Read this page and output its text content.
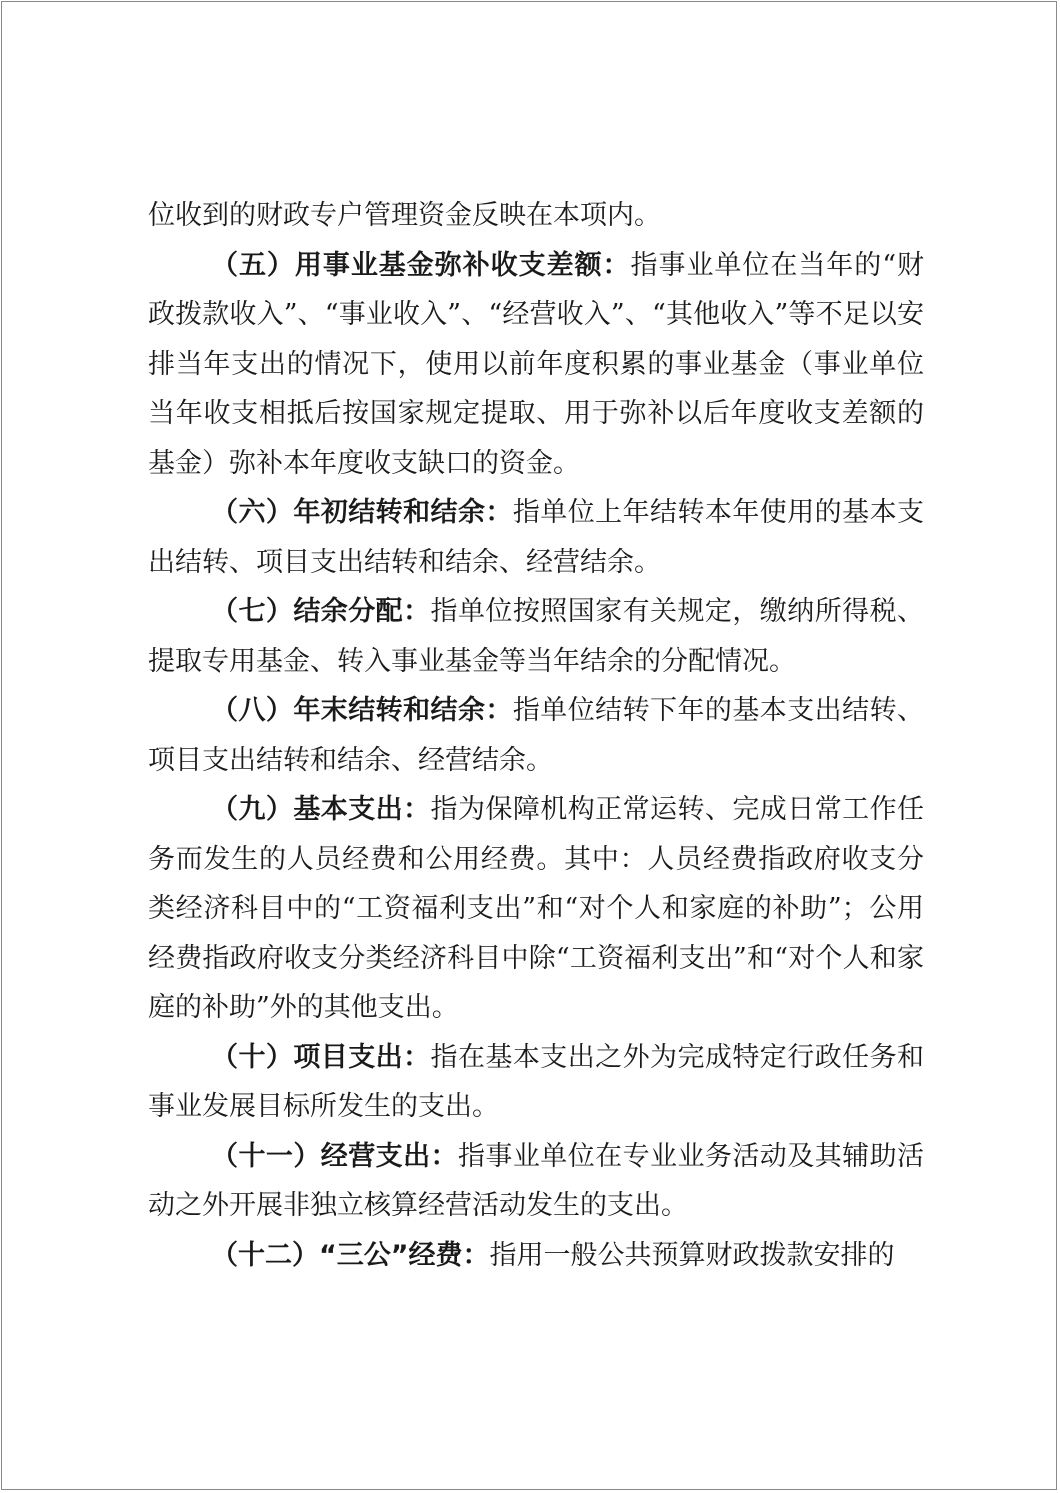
位收到的财政专户管理资金反映在本项内。

（五）用事业基金弥补收支差额：指事业单位在当年的“财政拨款收入”、“事业收入”、“经营收入”、“其他收入”等不足以安排当年支出的情况下，使用以前年度积累的事业基金（事业单位当年收支相抵后按国家规定提取、用于弥补以后年度收支差额的基金）弥补本年度收支缺口的资金。

（六）年初结转和结余：指单位上年结转本年使用的基本支出结转、项目支出结转和结余、经营结余。

（七）结余分配：指单位按照国家有关规定，缴纳所得税、提取专用基金、转入事业基金等当年结余的分配情况。

（八）年末结转和结余：指单位结转下年的基本支出结转、项目支出结转和结余、经营结余。

（九）基本支出：指为保障机构正常运转、完成日常工作任务而发生的人员经费和公用经费。其中：人员经费指政府收支分类经济科目中的“工资福利支出”和“对个人和家庭的补助”；公用经费指政府收支分类经济科目中除“工资福利支出”和“对个人和家庭的补助”外的其他支出。

（十）项目支出：指在基本支出之外为完成特定行政任务和事业发展目标所发生的支出。

（十一）经营支出：指事业单位在专业业务活动及其辅助活动之外开展非独立核算经营活动发生的支出。

（十二）“三公”经费：指用一般公共预算财政拨款安排的
